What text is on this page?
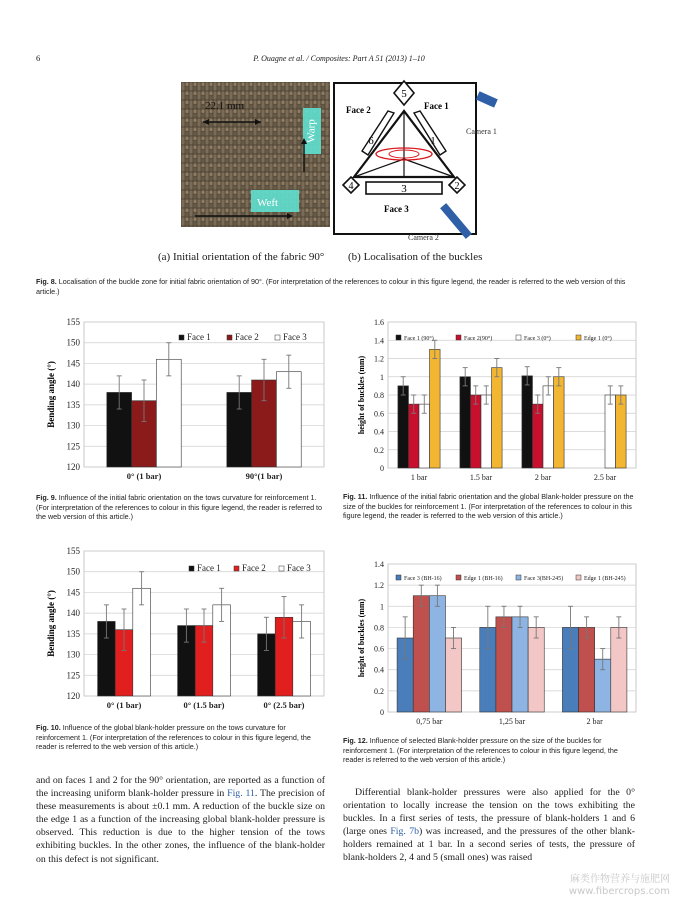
6	P. Ouagne et al. / Composites: Part A 51 (2013) 1–10
22.1 mm
Warp
Weft
5
6	1
4	3	2
Face 2	Face 1
Face 3
Camera 1
Camera 2
(a) Initial orientation of the fabric 90° (b) Localisation of the buckles
Fig. 8. Localisation of the buckle zone for initial fabric orientation of 90°. (For interpretation of the references to colour in this figure legend, the reader is referred to the web version of this article.)
120
125
130
135
140
145
150
155
Bending angle (°)
0° (1 bar)	90°(1 bar)
Face 1	Face 2	Face 3
Fig. 9. Influence of the initial fabric orientation on the tows curvature for reinforcement 1. (For interpretation of the references to colour in this figure legend, the reader is referred to the web version of this article.)
120
125
130
135
140
145
150
155
Bending angle (°)
0° (1 bar)	0° (1.5 bar)	0° (2.5 bar)
Face 1 Face 2 Face 3
Fig. 10. Influence of the global blank-holder pressure on the tows curvature for reinforcement 1. (For interpretation of the references to colour in this figure legend, the reader is referred to the web version of this article.)
0
0.2
0.4
0.6
0.8
1
1.2
1.4
1.6
height of buckles (mm)
1 bar	1.5 bar	2 bar	2.5 bar
Face 1 (90°)	Face 2(90°)	Face 3 (0°)	Edge 1 (0°)
Fig. 11. Influence of the initial fabric orientation and the global Blank-holder pressure on the size of the buckles for reinforcement 1. (For interpretation of the references to colour in this figure legend, the reader is referred to the web version of this article.)
0
0.2
0.4
0.6
0.8
1
1.2
1.4
height of buckles (mm)
0,75 bar	1,25 bar	2 bar
Face 3 (BH-16)	Edge 1 (BH-16)	Face 3(BH-245)	Edge 1 (BH-245)
Fig. 12. Influence of selected Blank-holder pressure on the size of the buckles for reinforcement 1. (For interpretation of the references to colour in this figure legend, the reader is referred to the web version of this article.)
and on faces 1 and 2 for the 90° orientation, are reported as a function of the increasing uniform blank-holder pressure in Fig. 11. The precision of these measurements is about ±0.1 mm. A reduction of the buckle size on the edge 1 as a function of the increasing global blank-holder pressure is observed. This reduction is due to the higher tension of the tows exhibiting buckles. In the other zones, the influence of the blank-holder on this defect is not significant.
Differential blank-holder pressures were also applied for the 0° orientation to locally increase the tension on the tows exhibiting the buckles. In a first series of tests, the pressure of blank-holders 1 and 6 (large ones Fig. 7b) was increased, and the pressures of the other blank-holders remained at 1 bar. In a second series of tests, the pressure of blank-holders 2, 4 and 5 (small ones) was raised
麻类作物营养与施肥网
www.fibercrops.com
